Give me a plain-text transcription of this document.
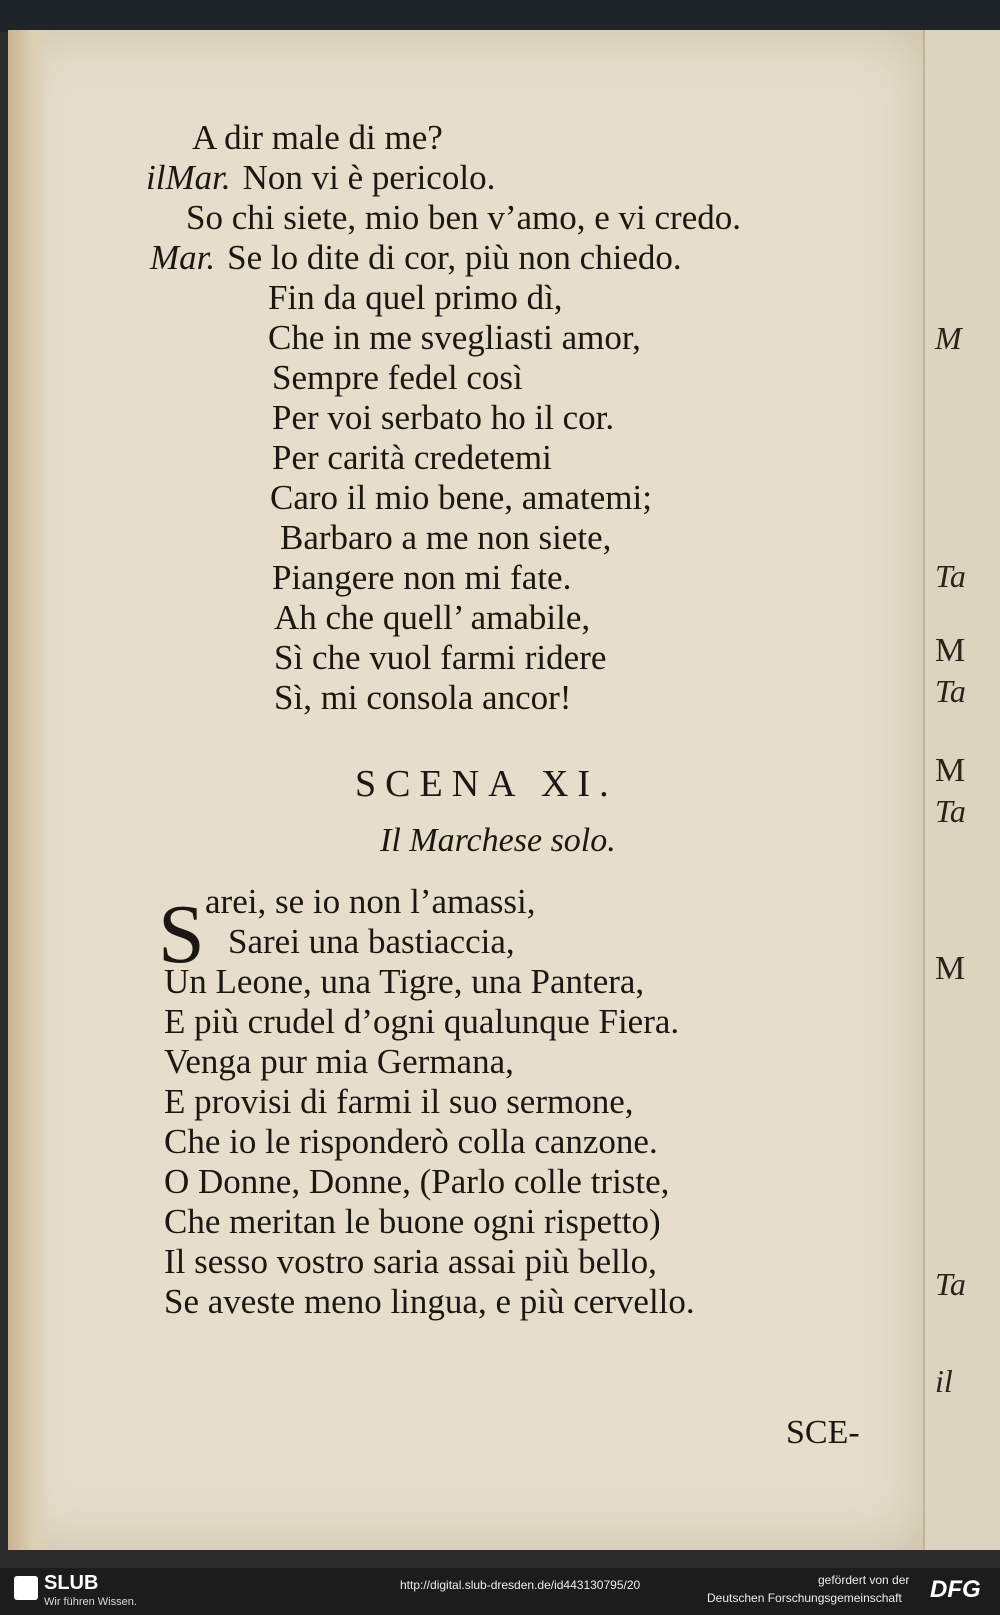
M
Ta
M
Ta
M
Ta
M
Ta
il
A dir male di me?
ilMar. Non vi è pericolo.
So chi siete, mio ben v’amo, e vi credo.
Mar. Se lo dite di cor, più non chiedo.
Fin da quel primo dì,
Che in me svegliasti amor,
Sempre fedel così
Per voi serbato ho il cor.
Per carità credetemi
Caro il mio bene, amatemi;
Barbaro a me non siete,
Piangere non mi fate.
Ah che quell’ amabile,
Sì che vuol farmi ridere
Sì, mi consola ancor!
SCENA XI.
Il Marchese solo.
S arei, se io non l’amassi,
Sarei una bastiaccia,
Un Leone, una Tigre, una Pantera,
E più crudel d’ogni qualunque Fiera.
Venga pur mia Germana,
E provisi di farmi il suo sermone,
Che io le risponderò colla canzone.
O Donne, Donne, (Parlo colle triste,
Che meritan le buone ogni rispetto)
Il sesso vostro saria assai più bello,
Se aveste meno lingua, e più cervello.
SCE-
SLUB
Wir führen Wissen.
http://digital.slub-dresden.de/id443130795/20	gefördert von der
Deutschen Forschungsgemeinschaft DFG
